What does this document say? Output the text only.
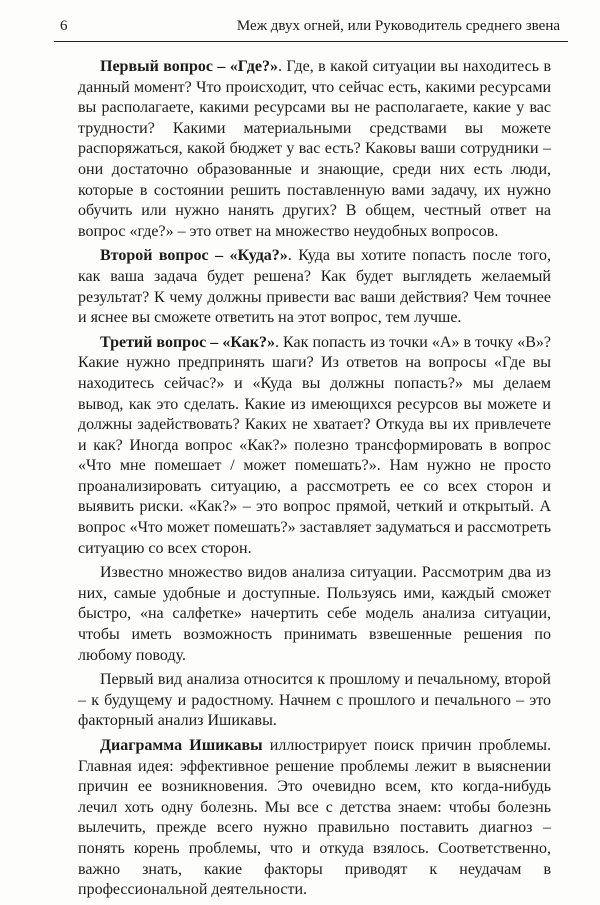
6	Меж двух огней, или Руководитель среднего звена

Первый вопрос – «Где?». Где, в какой ситуации вы находитесь в данный момент? Что происходит, что сейчас есть, какими ресурсами вы располагаете, какими ресурсами вы не располагаете, какие у вас трудности? Какими материальными средствами вы можете распоряжаться, какой бюджет у вас есть? Каковы ваши сотрудники – они достаточно образованные и знающие, среди них есть люди, которые в состоянии решить поставленную вами задачу, их нужно обучить или нужно нанять других? В общем, честный ответ на вопрос «где?» – это ответ на множество неудобных вопросов.

Второй вопрос – «Куда?». Куда вы хотите попасть после того, как ваша задача будет решена? Как будет выглядеть желаемый результат? К чему должны привести вас ваши действия? Чем точнее и яснее вы сможете ответить на этот вопрос, тем лучше.

Третий вопрос – «Как?». Как попасть из точки «А» в точку «В»? Какие нужно предпринять шаги? Из ответов на вопросы «Где вы находитесь сейчас?» и «Куда вы должны попасть?» мы делаем вывод, как это сделать. Какие из имеющихся ресурсов вы можете и должны задействовать? Каких не хватает? Откуда вы их привлечете и как? Иногда вопрос «Как?» полезно трансформировать в вопрос «Что мне помешает / может помешать?». Нам нужно не просто проанализировать ситуацию, а рассмотреть ее со всех сторон и выявить риски. «Как?» – это вопрос прямой, четкий и открытый. А вопрос «Что может помешать?» заставляет задуматься и рассмотреть ситуацию со всех сторон.

Известно множество видов анализа ситуации. Рассмотрим два из них, самые удобные и доступные. Пользуясь ими, каждый сможет быстро, «на салфетке» начертить себе модель анализа ситуации, чтобы иметь возможность принимать взвешенные решения по любому поводу.

Первый вид анализа относится к прошлому и печальному, второй – к будущему и радостному. Начнем с прошлого и печального – это факторный анализ Ишикавы.

Диаграмма Ишикавы иллюстрирует поиск причин проблемы. Главная идея: эффективное решение проблемы лежит в выяснении причин ее возникновения. Это очевидно всем, кто когда-нибудь лечил хоть одну болезнь. Мы все с детства знаем: чтобы болезнь вылечить, прежде всего нужно правильно поставить диагноз – понять корень проблемы, что и откуда взялось. Соответственно, важно знать, какие факторы приводят к неудачам в профессиональной деятельности.
